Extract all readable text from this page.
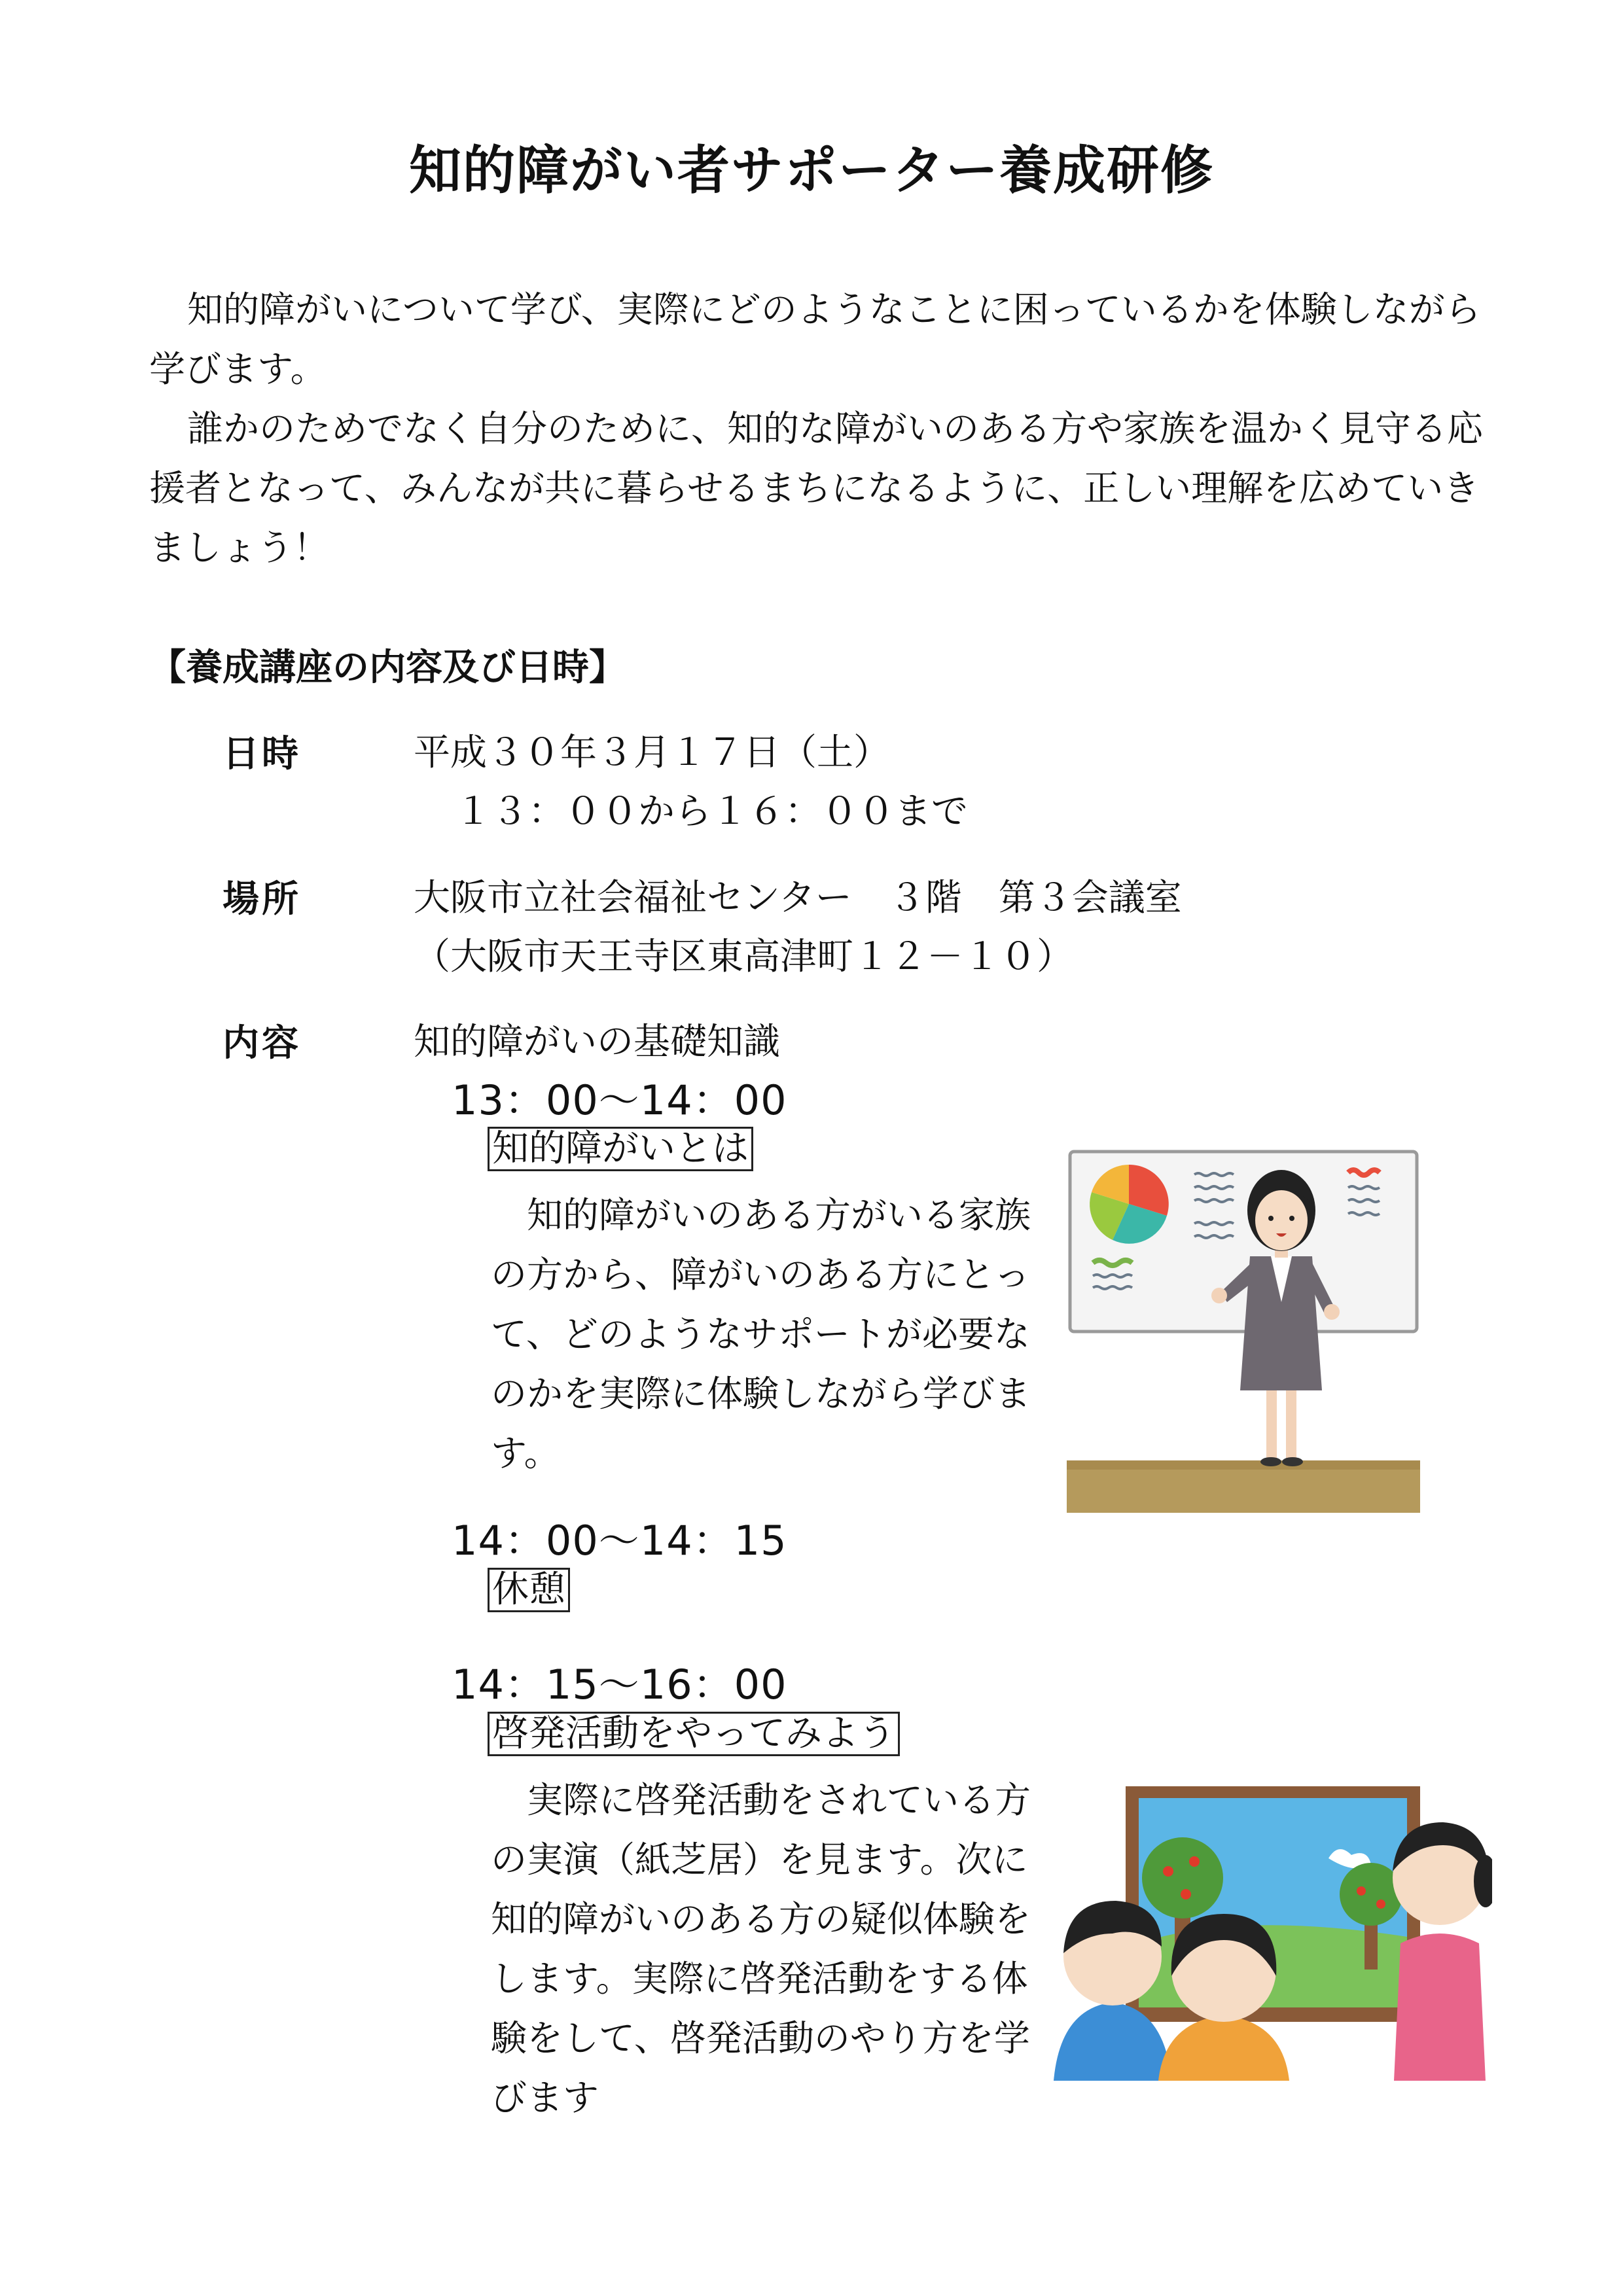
知的障がい者サポーター養成研修

知的障がいについて学び、実際にどのようなことに困っているかを体験しながら学びます。

誰かのためでなく自分のために、知的な障がいのある方や家族を温かく見守る応援者となって、みんなが共に暮らせるまちになるように、正しい理解を広めていきましょう！

【養成講座の内容及び日時】
日時	平成３０年３月１７日（土）
１３：００から１６：００まで
場所	大阪市立社会福祉センター　３階　第３会議室
（大阪市天王寺区東高津町１２－１０）
内容	知的障がいの基礎知識
13：00～14：00
知的障がいとは

知的障がいのある方がいる家族の方から、障がいのある方にとって、どのようなサポートが必要なのかを実際に体験しながら学びます。

14：00～14：15
休憩
14：15～16：00
啓発活動をやってみよう

実際に啓発活動をされている方の実演（紙芝居）を見ます。次に知的障がいのある方の疑似体験をします。実際に啓発活動をする体験をして、啓発活動のやり方を学びます
